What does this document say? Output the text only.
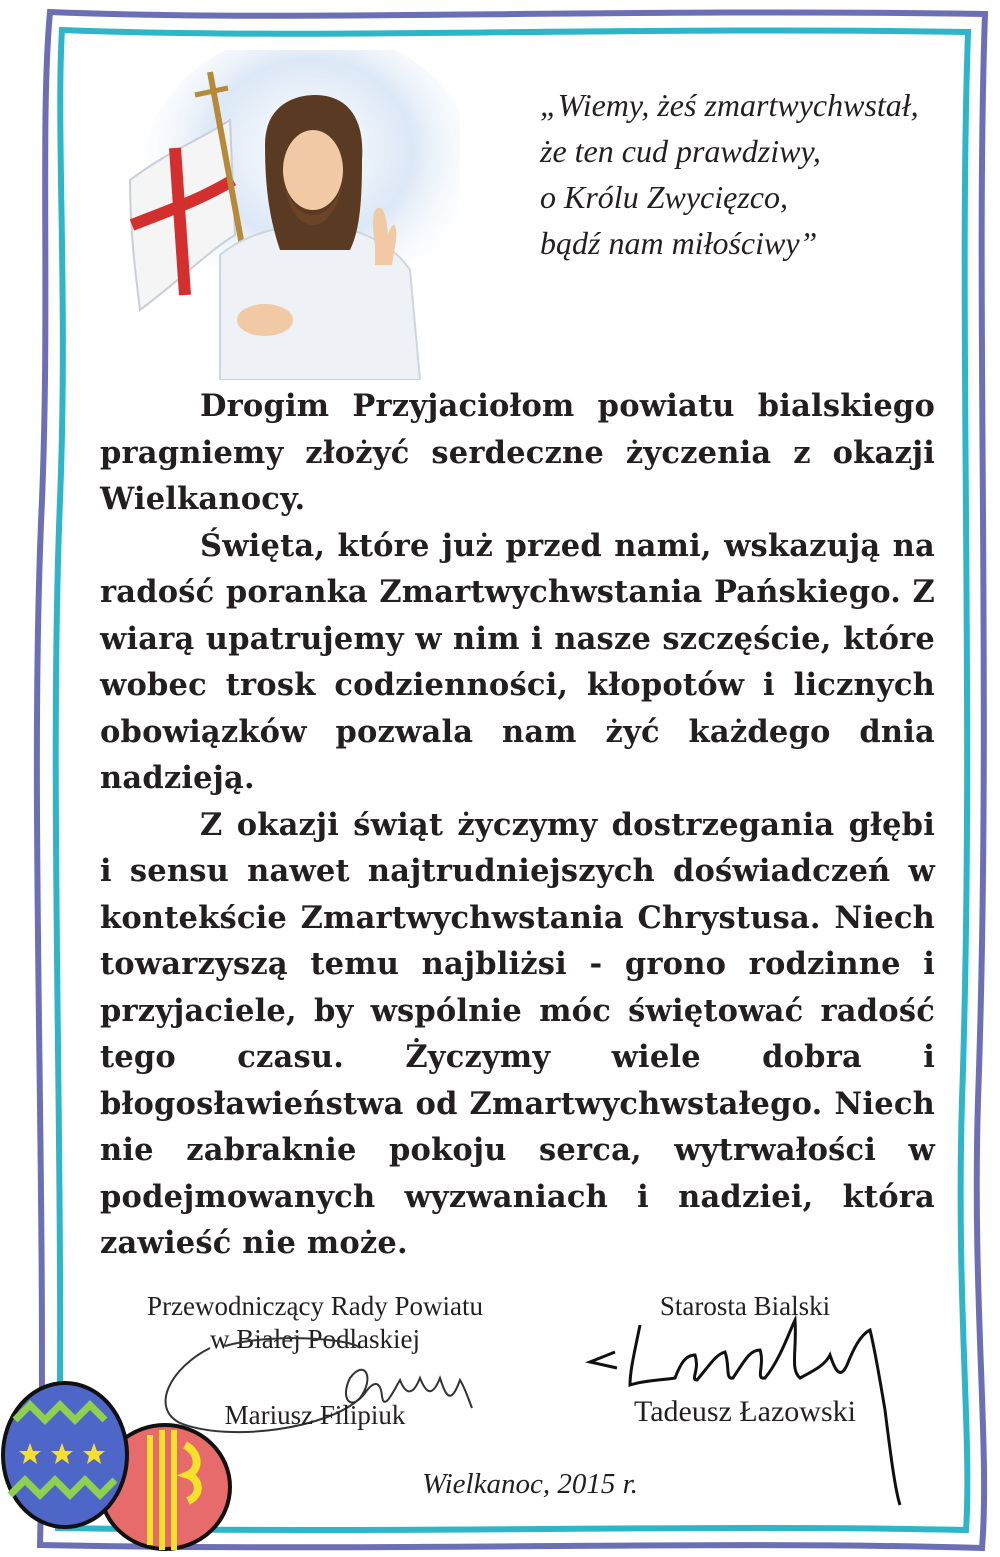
„Wiemy, żeś zmartwychwstał,
że ten cud prawdziwy,
o Królu Zwycięzco,
bądź nam miłościwy”

Drogim Przyjaciołom powiatu bialskiego pragniemy złożyć serdeczne życzenia z okazji Wielkanocy.

Święta, które już przed nami, wskazują na radość poranka Zmartwychwstania Pańskiego. Z wiarą upatrujemy w nim i nasze szczęście, które wobec trosk codzienności, kłopotów i licznych obowiązków pozwala nam żyć każdego dnia nadzieją.

Z okazji świąt życzymy dostrzegania głębi i sensu nawet najtrudniejszych doświadczeń w kontekście Zmartwychwstania Chrystusa. Niech towarzyszą temu najbliżsi - grono rodzinne i przyjaciele, by wspólnie móc świętować radość tego czasu. Życzymy wiele dobra i błogosławieństwa od Zmartwychwstałego. Niech nie zabraknie pokoju serca, wytrwałości w podejmowanych wyzwaniach i nadziei, która zawieść nie może.

Przewodniczący Rady Powiatu
w Białej Podlaskiej
Mariusz Filipiuk
Starosta Bialski
Tadeusz Łazowski
Wielkanoc, 2015 r.
